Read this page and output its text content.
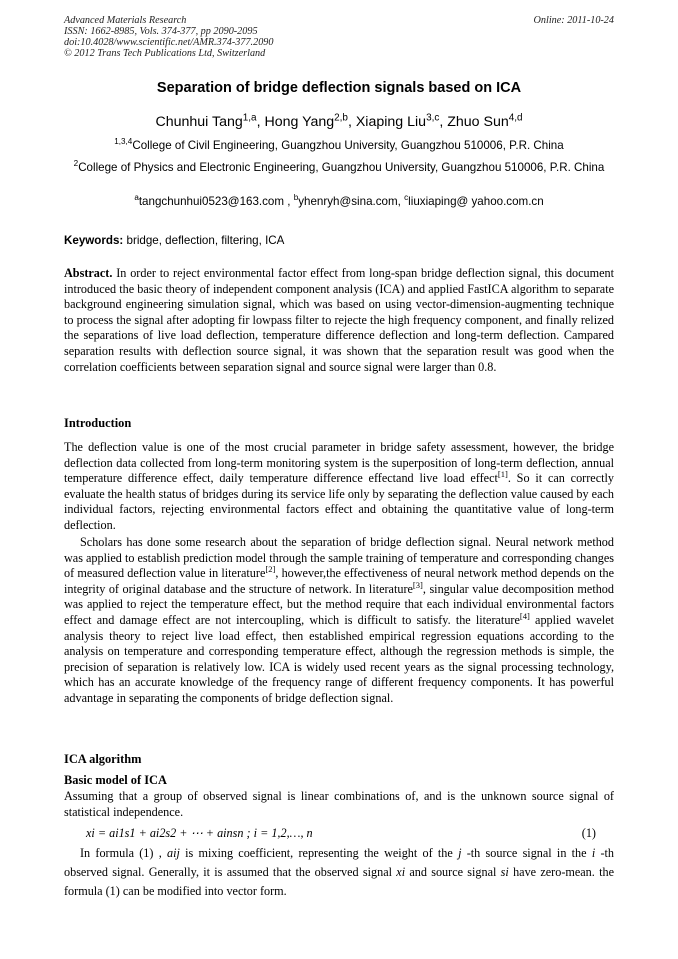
Advanced Materials Research
ISSN: 1662-8985, Vols. 374-377, pp 2090-2095
doi:10.4028/www.scientific.net/AMR.374-377.2090
© 2012 Trans Tech Publications Ltd, Switzerland
Online: 2011-10-24
Separation of bridge deflection signals based on ICA
Chunhui Tang$^{1,a}$, Hong Yang$^{2,b}$, Xiaping Liu$^{3,c}$, Zhuo Sun$^{4,d}$
$^{1,3,4}$College of Civil Engineering, Guangzhou University, Guangzhou 510006, P.R. China
$^2$College of Physics and Electronic Engineering, Guangzhou University, Guangzhou 510006, P.R. China
$^a$tangchunhui0523@163.com , $^b$yhenryh@sina.com, $^c$liuxiaping@ yahoo.com.cn
Keywords: bridge, deflection, filtering, ICA

Abstract. In order to reject environmental factor effect from long-span bridge deflection signal, this document introduced the basic theory of independent component analysis (ICA) and applied FastICA algorithm to separate background engineering simulation signal, which was based on using vector-dimension-augmenting technique to process the signal after adopting fir lowpass filter to rejecte the high frequency component, and finally relized the separations of live load deflection, temperature difference deflection and long-term deflection. Campared separation results with deflection source signal, it was shown that the separation result was good when the correlation coefficients between separation signal and source signal were larger than 0.8.

Introduction

The deflection value is one of the most crucial parameter in bridge safety assessment, however, the bridge deflection data collected from long-term monitoring system is the superposition of long-term deflection, annual temperature difference effect, daily temperature difference effectand live load effect[1]. So it can correctly evaluate the health status of bridges during its service life only by separating the deflection value caused by each individual factors, rejecting environmental factors effect and obtaining the quantitative value of long-term deflection.

Scholars has done some research about the separation of bridge deflection signal. Neural network method was applied to establish prediction model through the sample training of temperature and corresponding changes of measured deflection value in literature[2], however,the effectiveness of neural network method depends on the integrity of original database and the structure of network. In literature[3], singular value decomposition method was applied to reject the temperature effect, but the method require that each individual environmental factors effect and damage effect are not intercoupling, which is difficult to satisfy. the literature[4] applied wavelet analysis theory to reject live load effect, then established empirical regression equations according to the analysis on temperature and corresponding temperature effect, although the regression methods is simple, the precision of separation is relatively low. ICA is widely used recent years as the signal processing technology, which has an accurate knowledge of the frequency range of different frequency components. It has powerful advantage in separating the components of bridge deflection signal.

ICA algorithm
Basic model of ICA

Assuming that a group of observed signal is linear combinations of, and is the unknown source signal of statistical independence.

xi = ai1s1 + ai2s2 + ⋯ + ainsn ; i = 1,2,…, n	(1)

In formula (1) , aij is mixing coefficient, representing the weight of the j -th source signal in the i -th observed signal. Generally, it is assumed that the observed signal xi and source signal si have zero-mean. the formula (1) can be modified into vector form.
